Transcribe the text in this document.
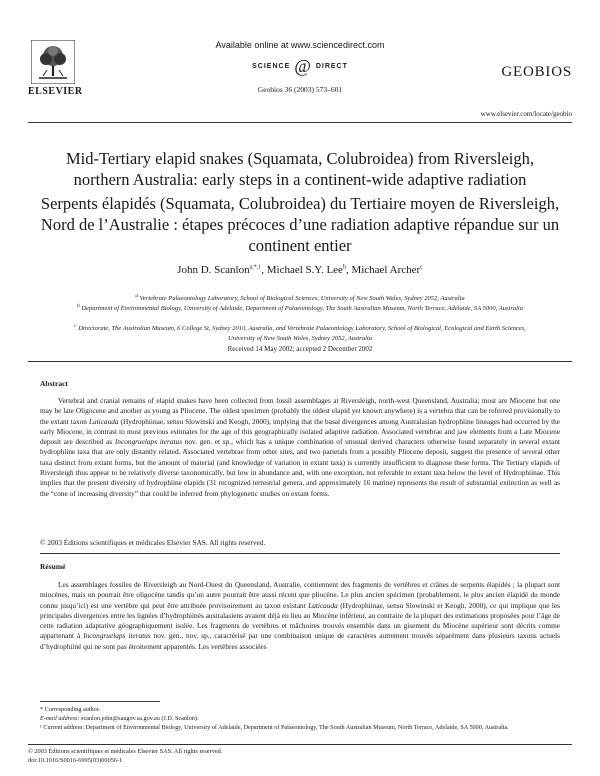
ELSEVIER
Available online at www.sciencedirect.com
SCIENCE @ DIRECT
Geobios 36 (2003) 573–601
GEOBIOS
www.elsevier.com/locate/geobio
Mid-Tertiary elapid snakes (Squamata, Colubroidea) from Riversleigh, northern Australia: early steps in a continent-wide adaptive radiation
Serpents élapidés (Squamata, Colubroidea) du Tertiaire moyen de Riversleigh, Nord de l’Australie : étapes précoces d’une radiation adaptive répandue sur un continent entier
John D. Scanlon$^{a,*,1}$, Michael S.Y. Lee$^b$, Michael Archer$^c$
$^a$ Vertebrate Palaeontology Laboratory, School of Biological Sciences, University of New South Wales, Sydney 2052, Australia
$^b$ Department of Environmental Biology, University of Adelaide, Department of Palaeontology, The South Australian Museum, North Terrace, Adelaide, SA 5000, Australia
$^c$ Directorate, The Australian Museum, 6 College St, Sydney 2010, Australia, and Vertebrate Palaeontology Laboratory, School of Biological, Ecological and Earth Sciences, University of New South Wales, Sydney 2052, Australia
Received 14 May 2002; accepted 2 December 2002
Abstract
Vertebral and cranial remains of elapid snakes have been collected from fossil assemblages at Riversleigh, north-west Queensland, Australia; most are Miocene but one may be late Oligocene and another as young as Pliocene. The oldest specimen (probably the oldest elapid yet known anywhere) is a vertebra that can be referred provisionally to the extant taxon Laticauda (Hydrophiinae, sensu Slowinski and Keogh, 2000), implying that the basal divergences among Australasian hydrophiine lineages had occurred by the early Miocene, in contrast to most previous estimates for the age of this geographically isolated adaptive radiation. Associated vertebrae and jaw elements from a Late Miocene deposit are described as Incongruelaps iteratus nov. gen. et sp., which has a unique combination of unusual derived characters otherwise found separately in several extant hydrophiine taxa that are only distantly related. Associated vertebrae from other sites, and two parietals from a possibly Pliocene deposit, suggest the presence of several other taxa distinct from extant forms, but the amount of material (and knowledge of variation in extant taxa) is currently insufficient to diagnose these forms. The Tertiary elapids of Riversleigh thus appear to be relatively diverse taxonomically, but low in abundance and, with one exception, not referable to extant taxa below the level of Hydrophiinae. This implies that the present diversity of hydrophiine elapids (31 recognized terrestrial genera, and approximately 16 marine) represents the result of substantial extinction as well as the “cone of increasing diversity” that could be inferred from phylogenetic studies on extant forms.
© 2003 Éditions scientifiques et médicales Elsevier SAS. All rights reserved.
Résumé
Les assemblages fossiles de Riversleigh au Nord-Ouest du Queensland, Australie, contiennent des fragments de vertèbres et crânes de serpents élapidés ; la plupart sont miocènes, mais un pourrait être oligocène tandis qu’un autre pourrait être aussi récent que pliocène. Le plus ancien spécimen (probablement, le plus ancien élapidé du monde connu jusqu’ici) est une vertèbre qui peut être attribuée provisoirement au taxon existant Laticauda (Hydrophiinae, sensu Slowinski et Keogh, 2000), ce qui implique que les principales divergences entre les lignées d’hydrophiinés australasiens avaient déjà eu lieu au Miocène inférieur, au contraire de la plupart des estimations proposées pour l’âge de cette radiation adaptative géographiquement isolée. Les fragments de vertèbres et mâchoires trouvés ensemble dans un gisement du Miocène supérieur sont décrits comme appartenant à Incongruelaps iteratus nov. gen., nov. sp., caractérisé par une combinaison unique de caractères autrement trouvés séparément dans plusieurs taxons actuels d’hydrophiiné qui ne sont pas étroitement apparentés. Les vertèbres associées
* Corresponding author.
E-mail address: scanlon.john@saugov.sa.gov.au (J.D. Scanlon).
¹ Current address: Department of Environmental Biology, University of Adelaide, Department of Palaeontology, The South Australian Museum, North Terrace, Adelaide, SA 5000, Australia.
© 2003 Éditions scientifiques et médicales Elsevier SAS. All rights reserved.
doi:10.1016/S0016-6995(03)00056-1
